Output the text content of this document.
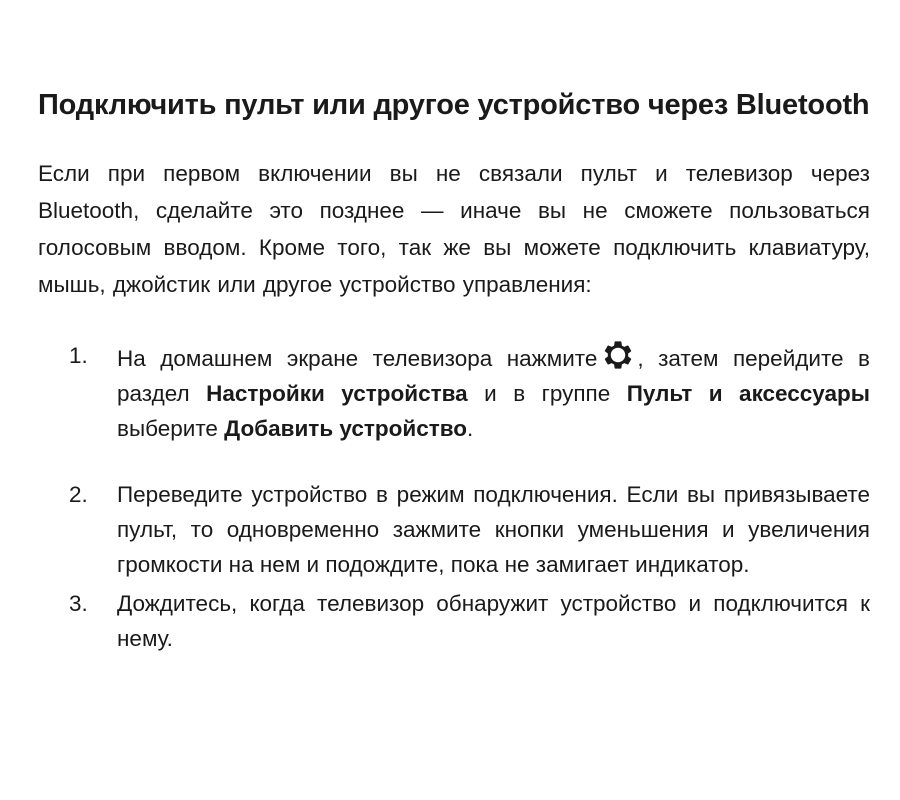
Подключить пульт или другое устройство через Bluetooth

Если при первом включении вы не связали пульт и телевизор через Bluetooth, сделайте это позднее — иначе вы не сможете пользоваться голосовым вводом. Кроме того, так же вы можете подключить клавиатуру, мышь, джойстик или другое устройство управления:

1. На домашнем экране телевизора нажмите , затем перейдите в раздел Настройки устройства и в группе Пульт и аксессуары выберите Добавить устройство.
2. Переведите устройство в режим подключения. Если вы привязываете пульт, то одновременно зажмите кнопки уменьшения и увеличения громкости на нем и подождите, пока не замигает индикатор.
3. Дождитесь, когда телевизор обнаружит устройство и подключится к нему.
